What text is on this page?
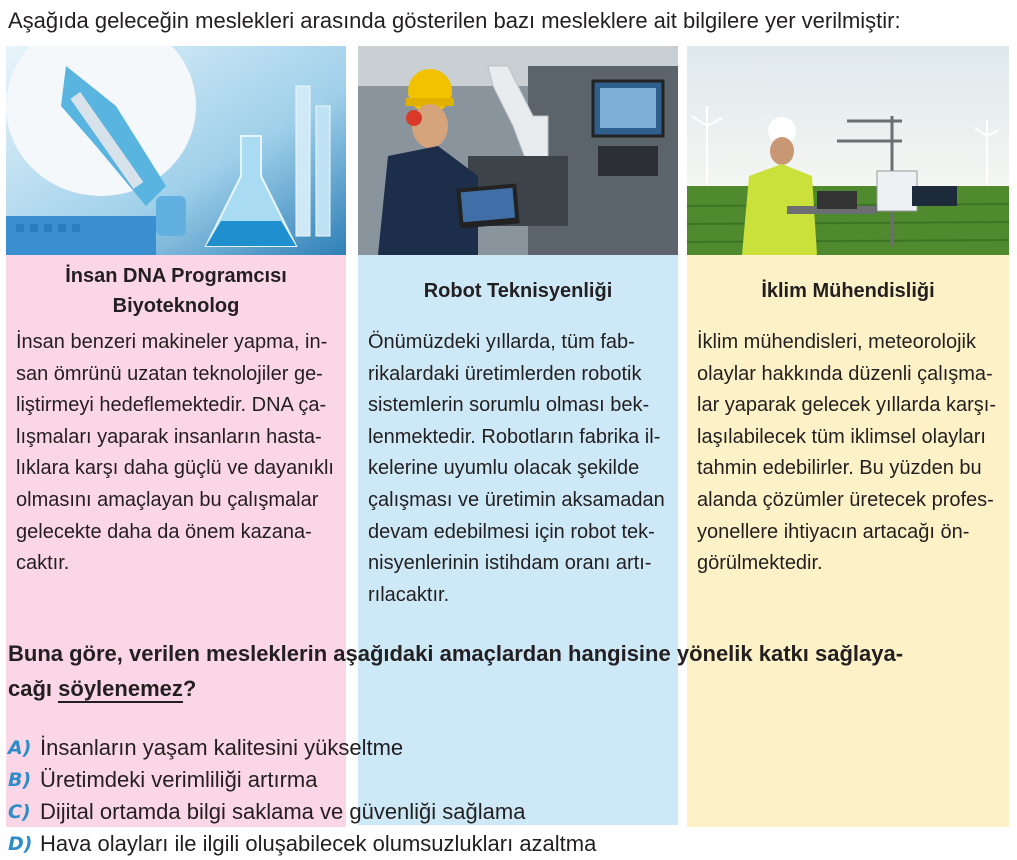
Aşağıda geleceğin meslekleri arasında gösterilen bazı mesleklere ait bilgilere yer verilmiştir:
İnsan DNA Programcısı
Biyoteknolog
İnsan benzeri makineler yapma, in-
san ömrünü uzatan teknolojiler ge-
liştirmeyi hedeflemektedir. DNA ça-
lışmaları yaparak insanların hasta-
lıklara karşı daha güçlü ve dayanıklı
olmasını amaçlayan bu çalışmalar
gelecekte daha da önem kazana-
caktır.
Robot Teknisyenliği
Önümüzdeki yıllarda, tüm fab-
rikalardaki üretimlerden robotik
sistemlerin sorumlu olması bek-
lenmektedir. Robotların fabrika il-
kelerine uyumlu olacak şekilde
çalışması ve üretimin aksamadan
devam edebilmesi için robot tek-
nisyenlerinin istihdam oranı artı-
rılacaktır.
İklim Mühendisliği
İklim mühendisleri, meteorolojik
olaylar hakkında düzenli çalışma-
lar yaparak gelecek yıllarda karşı-
laşılabilecek tüm iklimsel olayları
tahmin edebilirler. Bu yüzden bu
alanda çözümler üretecek profes-
yonellere ihtiyacın artacağı ön-
görülmektedir.
Buna göre, verilen mesleklerin aşağıdaki amaçlardan hangisine yönelik katkı sağlaya-
cağı söylenemez?
A) İnsanların yaşam kalitesini yükseltme
B) Üretimdeki verimliliği artırma
C) Dijital ortamda bilgi saklama ve güvenliği sağlama
D) Hava olayları ile ilgili oluşabilecek olumsuzlukları azaltma
